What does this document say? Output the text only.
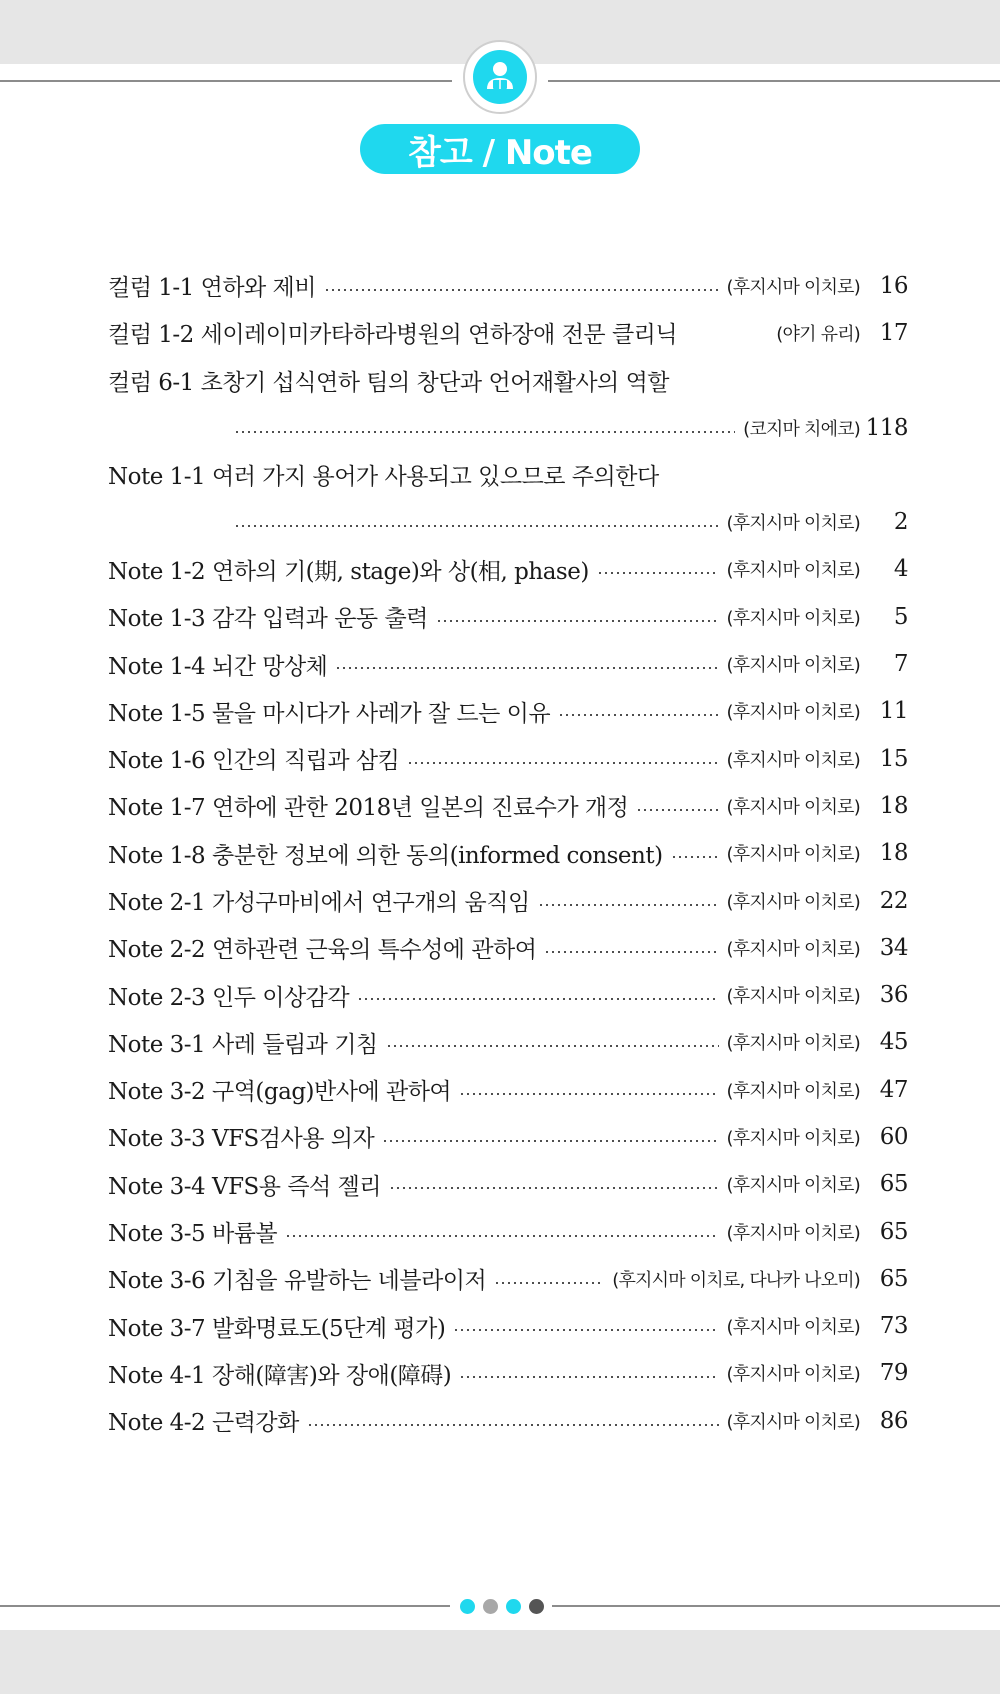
참고 / Note
컬럼 1-1 연하와 제비	(후지시마 이치로) 16
컬럼 1-2 세이레이미카타하라병원의 연하장애 전문 클리닉	(야기 유리) 17
컬럼 6-1 초창기 섭식연하 팀의 창단과 언어재활사의 역할
(코지마 치에코) 118
Note 1-1 여러 가지 용어가 사용되고 있으므로 주의한다
(후지시마 이치로)	2
Note 1-2 연하의 기(期, stage)와 상(相, phase)	(후지시마 이치로)	4
Note 1-3 감각 입력과 운동 출력	(후지시마 이치로)	5
Note 1-4 뇌간 망상체	(후지시마 이치로)	7
Note 1-5 물을 마시다가 사레가 잘 드는 이유	(후지시마 이치로) 11
Note 1-6 인간의 직립과 삼킴	(후지시마 이치로) 15
Note 1-7 연하에 관한 2018년 일본의 진료수가 개정	(후지시마 이치로) 18
Note 1-8 충분한 정보에 의한 동의(informed consent)	(후지시마 이치로) 18
Note 2-1 가성구마비에서 연구개의 움직임	(후지시마 이치로) 22
Note 2-2 연하관련 근육의 특수성에 관하여	(후지시마 이치로) 34
Note 2-3 인두 이상감각	(후지시마 이치로) 36
Note 3-1 사레 들림과 기침	(후지시마 이치로) 45
Note 3-2 구역(gag)반사에 관하여	(후지시마 이치로) 47
Note 3-3 VFS검사용 의자	(후지시마 이치로) 60
Note 3-4 VFS용 즉석 젤리	(후지시마 이치로) 65
Note 3-5 바륨볼	(후지시마 이치로) 65
Note 3-6 기침을 유발하는 네블라이저	(후지시마 이치로, 다나카 나오미) 65
Note 3-7 발화명료도(5단계 평가)	(후지시마 이치로) 73
Note 4-1 장해(障害)와 장애(障碍)	(후지시마 이치로) 79
Note 4-2 근력강화	(후지시마 이치로) 86
